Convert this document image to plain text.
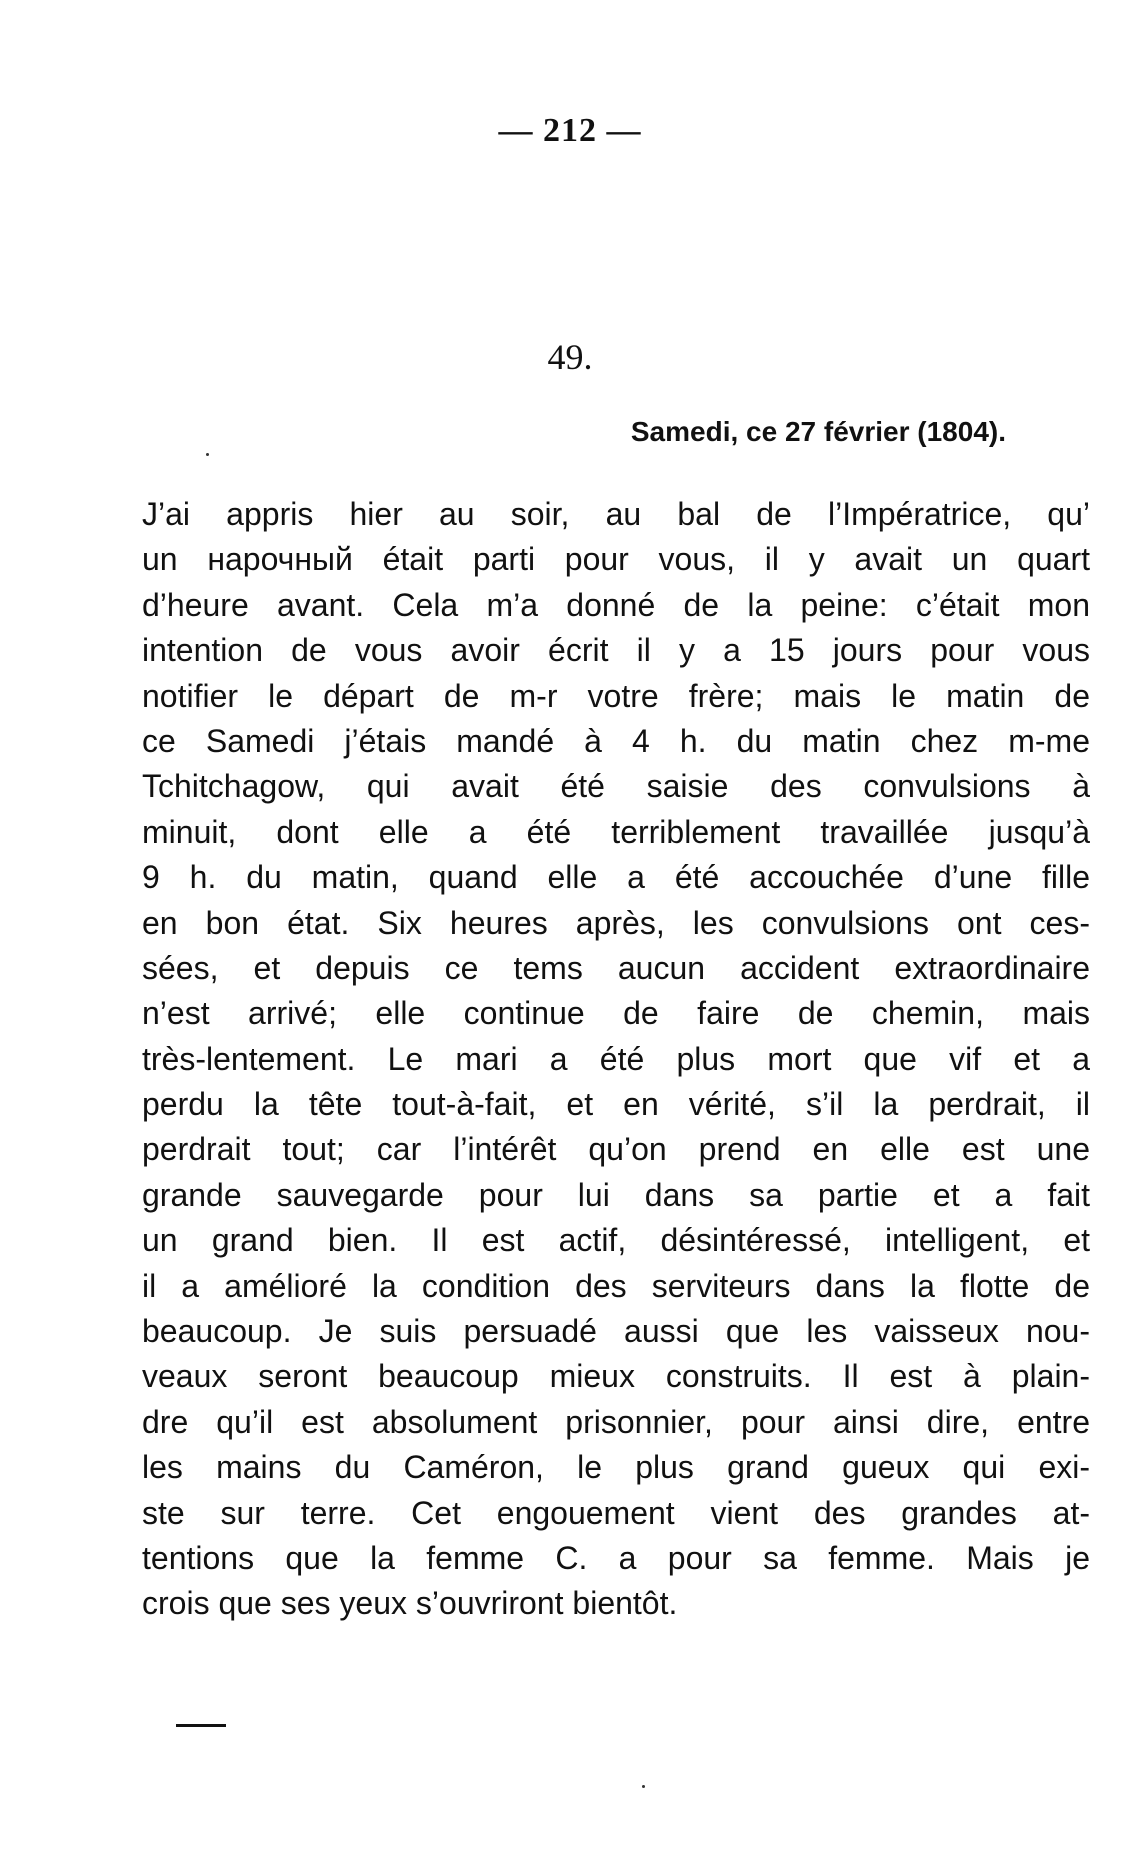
— 212 —
49.
Samedi, ce 27 février (1804).
J’ai appris hier au soir, au bal de l’Impératrice, qu’
un нарочный était parti pour vous, il y avait un quart
d’heure avant. Cela m’a donné de la peine: c’était mon
intention de vous avoir écrit il y a 15 jours pour vous
notifier le départ de m-r votre frère; mais le matin de
ce Samedi j’étais mandé à 4 h. du matin chez m-me
Tchitchagow, qui avait été saisie des convulsions à
minuit, dont elle a été terriblement travaillée jusqu’à
9 h. du matin, quand elle a été accouchée d’une fille
en bon état. Six heures après, les convulsions ont ces-
sées, et depuis ce tems aucun accident extraordinaire
n’est arrivé; elle continue de faire de chemin, mais
très-lentement. Le mari a été plus mort que vif et a
perdu la tête tout-à-fait, et en vérité, s’il la perdrait, il
perdrait tout; car l’intérêt qu’on prend en elle est une
grande sauvegarde pour lui dans sa partie et a fait
un grand bien. Il est actif, désintéressé, intelligent, et
il a amélioré la condition des serviteurs dans la flotte de
beaucoup. Je suis persuadé aussi que les vaisseux nou-
veaux seront beaucoup mieux construits. Il est à plain-
dre qu’il est absolument prisonnier, pour ainsi dire, entre
les mains du Caméron, le plus grand gueux qui exi-
ste sur terre. Cet engouement vient des grandes at-
tentions que la femme C. a pour sa femme. Mais je
crois que ses yeux s’ouvriront bientôt.
